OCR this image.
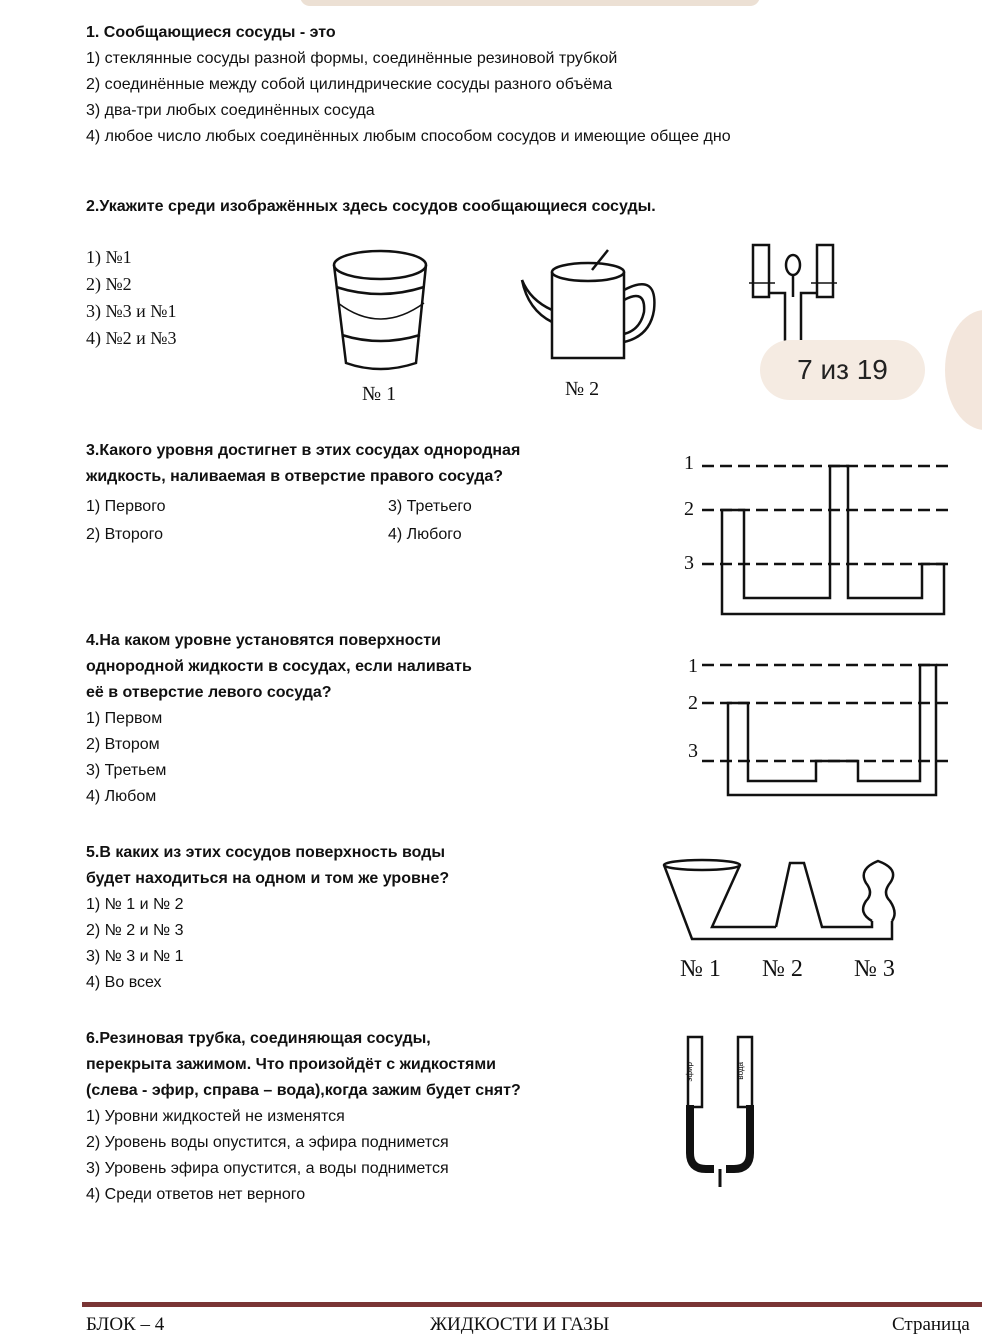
1. Сообщающиеся сосуды - это
1) стеклянные сосуды разной формы, соединённые резиновой трубкой
2) соединённые между собой цилиндрические сосуды разного объёма
3) два-три любых соединённых сосуда
4) любое число любых соединённых любым способом сосудов и имеющие общее дно
2.Укажите среди изображённых здесь сосудов сообщающиеся сосуды.
1) №1
2) №2
3) №3 и №1
4) №2 и №3
№ 1	№ 2
7 из 19
3.Какого уровня достигнет в этих сосудах однородная
жидкость, наливаемая в отверстие правого сосуда?
1) Первого
2) Второго
3) Третьего
4) Любого
1
2
3
4.На каком уровне установятся поверхности
однородной жидкости в сосудах, если наливать
её в отверстие левого сосуда?
1) Первом
2) Втором
3) Третьем
4) Любом
1
2
3
5.В каких из этих сосудов поверхность воды
будет находиться на одном и том же уровне?
1) № 1 и № 2
2) № 2 и № 3
3) № 3 и № 1
4) Во всех
№ 1 № 2 № 3
6.Резиновая трубка, соединяющая сосуды,
перекрыта зажимом. Что произойдёт с жидкостями
(слева - эфир, справа – вода),когда зажим будет снят?
1) Уровни жидкостей не изменятся
2) Уровень воды опустится, а эфира поднимется
3) Уровень эфира опустится, а воды поднимется
4) Среди ответов нет верного
эфир	вода
БЛОК – 4	ЖИДКОСТИ И ГАЗЫ	Страница
